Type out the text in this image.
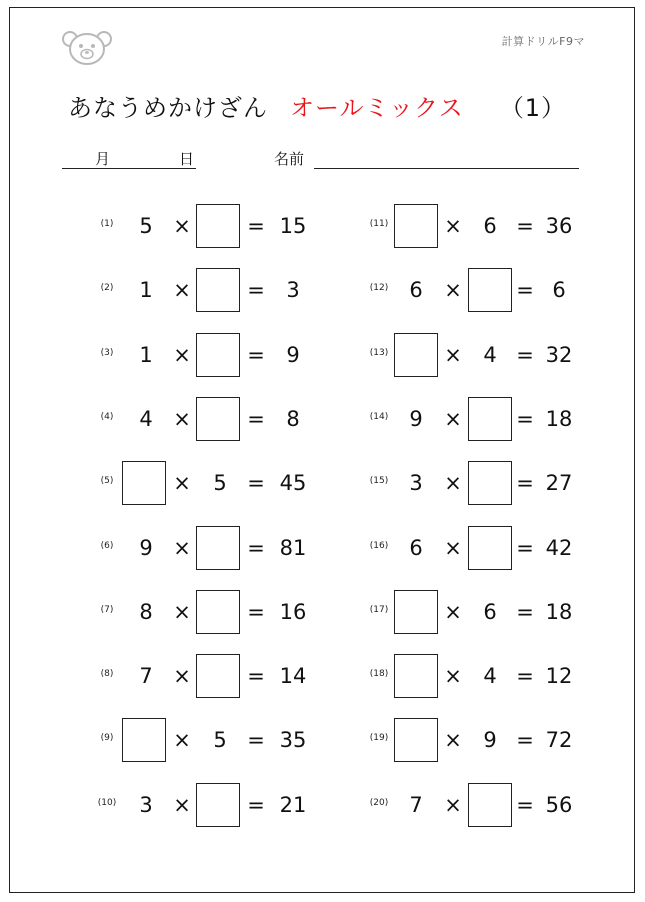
計算ドリルF9マ
あなうめかけざん オールミックス （1）
月	日	名前
(1)	5 ×	= 15
(2)	1 ×	=	3
(3)	1 ×	=	9
(4)	4 ×	=	8
(5)	×	5 = 45
(6)	9 ×	= 81
(7)	8 ×	= 16
(8)	7 ×	= 14
(9)	×	5 = 35
(10)	3 ×	= 21
(11)	×	6 = 36
(12)	6	×	= 6
(13)	×	4 = 32
(14)	9	×	= 18
(15)	3	×	= 27
(16)	6	×	= 42
(17)	×	6 = 18
(18)	×	4 = 12
(19)	×	9 = 72
(20)	7	×	= 56
